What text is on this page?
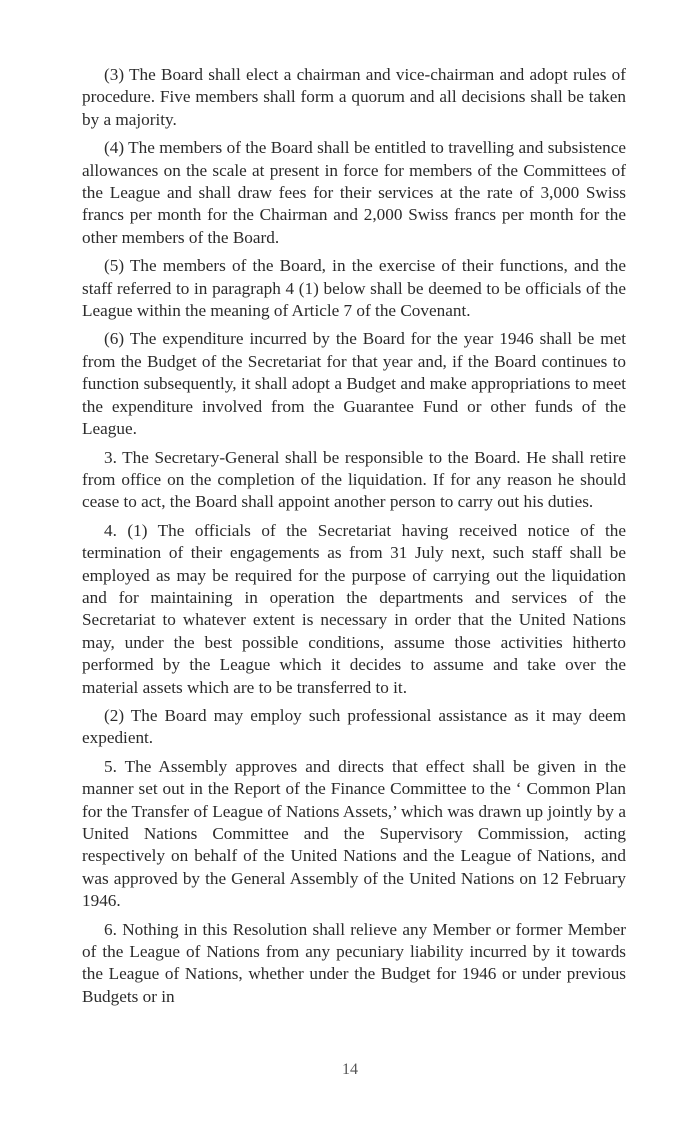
(3) The Board shall elect a chairman and vice-chairman and adopt rules of procedure. Five members shall form a quorum and all decisions shall be taken by a majority.

(4) The members of the Board shall be entitled to travelling and subsistence allowances on the scale at present in force for members of the Committees of the League and shall draw fees for their services at the rate of 3,000 Swiss francs per month for the Chairman and 2,000 Swiss francs per month for the other members of the Board.

(5) The members of the Board, in the exercise of their functions, and the staff referred to in paragraph 4 (1) below shall be deemed to be officials of the League within the meaning of Article 7 of the Covenant.

(6) The expenditure incurred by the Board for the year 1946 shall be met from the Budget of the Secretariat for that year and, if the Board continues to function subsequently, it shall adopt a Budget and make appropriations to meet the expenditure involved from the Guarantee Fund or other funds of the League.

3. The Secretary-General shall be responsible to the Board. He shall retire from office on the completion of the liquidation. If for any reason he should cease to act, the Board shall appoint another person to carry out his duties.

4. (1) The officials of the Secretariat having received notice of the termination of their engagements as from 31 July next, such staff shall be employed as may be required for the purpose of carrying out the liquidation and for maintaining in operation the departments and services of the Secretariat to whatever extent is necessary in order that the United Nations may, under the best possible conditions, assume those activities hitherto performed by the League which it decides to assume and take over the material assets which are to be transferred to it.

(2) The Board may employ such professional assistance as it may deem expedient.

5. The Assembly approves and directs that effect shall be given in the manner set out in the Report of the Finance Committee to the ‘ Common Plan for the Transfer of League of Nations Assets,’ which was drawn up jointly by a United Nations Committee and the Supervisory Commission, acting respectively on behalf of the United Nations and the League of Nations, and was approved by the General Assembly of the United Nations on 12 February 1946.

6. Nothing in this Resolution shall relieve any Member or former Member of the League of Nations from any pecuniary liability incurred by it towards the League of Nations, whether under the Budget for 1946 or under previous Budgets or in

14
